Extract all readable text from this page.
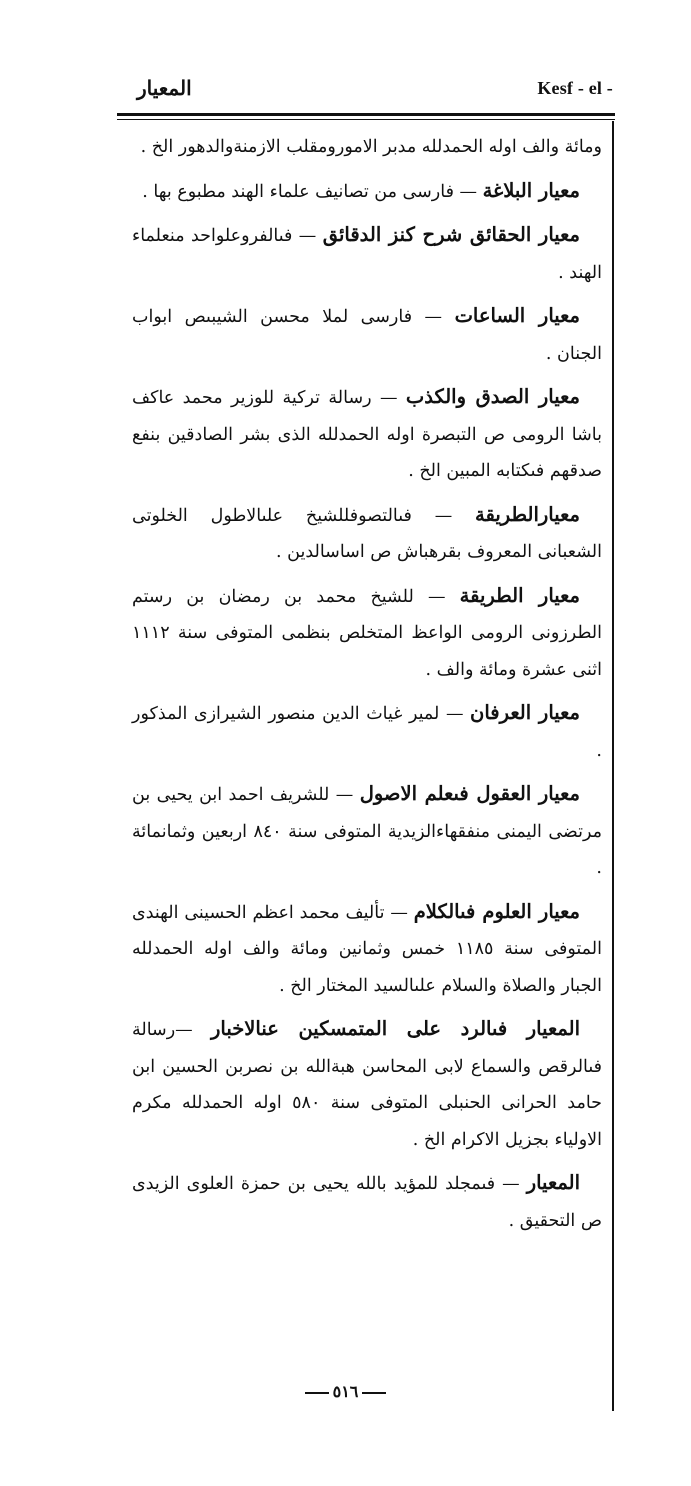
المعيار	Kesf - el -

ومائة والف اوله الحمدلله مدبر الامورومقلب الازمنةوالدهور الخ .

معيار البلاغة — فارسى من تصانيف علماء الهند مطبوع بها .

معيار الحقائق شرح كنز الدقائق — فىالفروعلواحد منعلماء الهند .

معيار الساعات — فارسى لملا محسن الشيبىص ابواب الجنان .

معيار الصدق والكذب — رسالة تركية للوزير محمد عاكف باشا الرومى ص التبصرة اوله الحمدلله الذى بشر الصادقين بنفع صدقهم فىكتابه المبين الخ .

معيارالطريقة — فىالتصوفللشيخ علىالاطول الخلوتى الشعبانى المعروف بقرهباش ص اساسالدين .

معيار الطريقة — للشيخ محمد بن رمضان بن رستم الطرزونى الرومى الواعظ المتخلص بنظمى المتوفى سنة ١١١٢ اثنى عشرة ومائة والف .

معيار العرفان — لمير غياث الدين منصور الشيرازى المذكور .

معيار العقول فىعلم الاصول — للشريف احمد ابن يحيى بن مرتضى اليمنى منفقهاءالزيدية المتوفى سنة ٨٤٠ اربعين وثمانمائة .

معيار العلوم فىالكلام — تأليف محمد اعظم الحسينى الهندى المتوفى سنة ١١٨٥ خمس وثمانين ومائة والف اوله الحمدلله الجبار والصلاة والسلام علىالسيد المختار الخ .

المعيار فىالرد على المتمسكين عنالاخبار —رسالة فىالرقص والسماع لابى المحاسن هبةالله بن نصربن الحسين ابن حامد الحرانى الحنبلى المتوفى سنة ٥٨٠ اوله الحمدلله مكرم الاولياء بجزيل الاكرام الخ .

المعيار — فىمجلد للمؤيد بالله يحيى بن حمزة العلوى الزيدى ص التحقيق .

٥١٦
